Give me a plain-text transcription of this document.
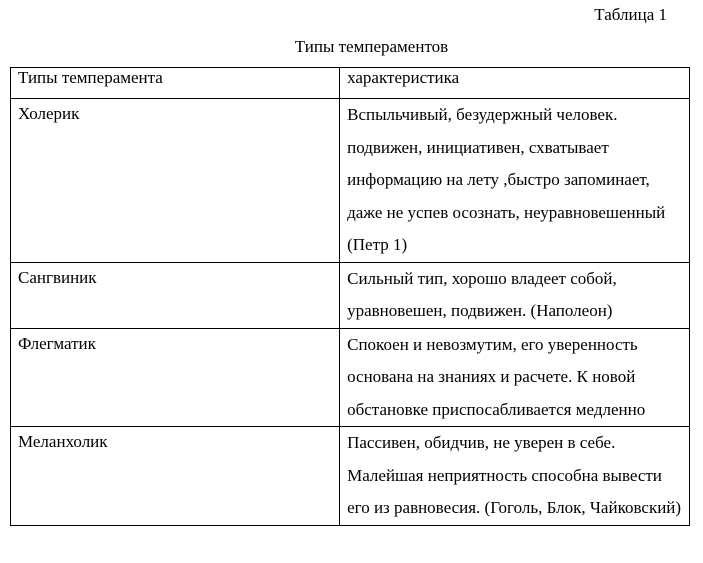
Таблица 1
Типы темпераментов
Типы темперамента	характеристика
Холерик	Вспыльчивый, безудержный человек. подвижен, инициативен, схватывает информацию на лету ,быстро запоминает, даже не успев осознать, неуравновешенный (Петр 1)
Сангвиник	Сильный тип, хорошо владеет собой, уравновешен, подвижен. (Наполеон)
Флегматик	Спокоен и невозмутим, его уверенность основана на знаниях и расчете. К новой обстановке приспосабливается медленно
Меланхолик	Пассивен, обидчив, не уверен в себе. Малейшая неприятность способна вывести его из равновесия. (Гоголь, Блок, Чайковский)
